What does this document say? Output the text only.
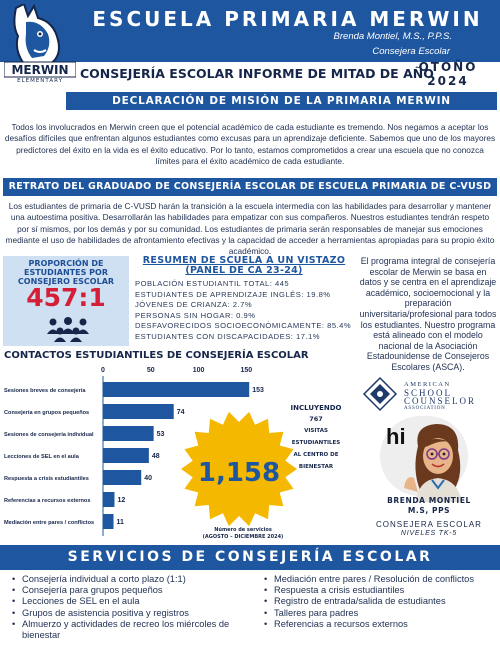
ESCUELA PRIMARIA MERWIN
Brenda Montiel, M.S., P.P.S.
Consejera Escolar
MERWIN
ELEMENTARY CONSEJERÍA ESCOLAR INFORME DE MITAD DE AÑO
OTOÑO
2024
DECLARACIÓN DE MISIÓN DE LA PRIMARIA MERWIN
Todos los involucrados en Merwin creen que el potencial académico de cada estudiante es tremendo. Nos negamos a aceptar los desafíos difíciles que enfrentan algunos estudiantes como excusas para un aprendizaje deficiente. Sabemos que uno de los mayores predictores del éxito en la vida es el éxito educativo. Por lo tanto, estamos comprometidos a crear una escuela que no conozca límites para el éxito académico de cada estudiante.
RETRATO DEL GRADUADO DE CONSEJERÍA ESCOLAR DE ESCUELA PRIMARIA DE C-VUSD
Los estudiantes de primaria de C-VUSD harán la transición a la escuela intermedia con las habilidades para desarrollar y mantener una autoestima positiva. Desarrollarán las habilidades para empatizar con sus compañeros. Nuestros estudiantes tendrán respeto por sí mismos, por los demás y por su comunidad. Los estudiantes de primaria serán responsables de manejar sus emociones mediante el uso de habilidades de afrontamiento efectivas y la capacidad de acceder a herramientas apropiadas para su propio éxito académico.
PROPORCIÓN DE
ESTUDIANTES POR
CONSEJERO ESCOLAR
457:1
RESUMEN DE SCUELA A UN VISTAZO
(PANEL DE CA 23-24)
POBLACIÓN ESTUDIANTIL TOTAL: 445
ESTUDIANTES DE APRENDIZAJE INGLÉS: 19.8%
JÓVENES DE CRIANZA: 2.7%
PERSONAS SIN HOGAR: 0.9%
DESFAVORECIDOS SOCIOECONÓMICAMENTE: 85.4%
ESTUDIANTES CON DISCAPACIDADES: 17.1%
El programa integral de consejería escolar de Merwin se basa en datos y se centra en el aprendizaje académico, socioemocional y la preparación universitaria/profesional para todos los estudiantes. Nuestro programa está alineado con el modelo nacional de la Asociación Estadounidense de Consejeros Escolares (ASCA).
AMERICAN
SCHOOL
COUNSELOR
ASSOCIATION
CONTACTOS ESTUDIANTILES DE CONSEJERÍA ESCOLAR
0	50	100	150
Sesiones breves de consejería	153
Consejería en grupos pequeños	74
Sesiones de consejería individual	53
Lecciones de SEL en el aula	48
Respuesta a crisis estudiantiles	40
Referencias a recursos externos	12
Mediación entre pares / conflictos	11
1,158
Número de servicios
(AGOSTO – DICIEMBRE 2024)
INCLUYENDO
767
VISITAS
ESTUDIANTILES
AL CENTRO DE
BIENESTAR
hi
BRENDA MONTIEL
M.S, PPS
CONSEJERA ESCOLAR
NIVELES TK-5
SERVICIOS DE CONSEJERÍA ESCOLAR
• Consejería individual a corto plazo (1:1)
• Consejería para grupos pequeños
• Lecciones de SEL en el aula
• Grupos de asistencia positiva y registros
• Almuerzo y actividades de recreo los miércoles de bienestar
• Mediación entre pares / Resolución de conflictos
• Respuesta a crisis estudiantiles
• Registro de entrada/salida de estudiantes
• Talleres para padres
• Referencias a recursos externos
